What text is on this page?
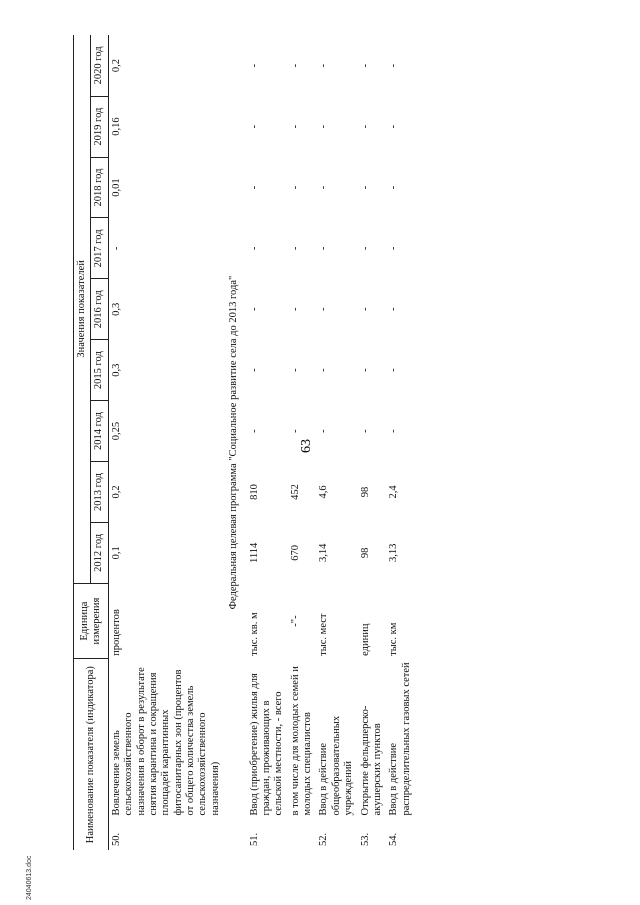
63
Наименование показателя (индикатора)		Единица измерения	Значения показателей								
			2012 год	2013 год	2014 год	2015 год	2016 год	2017 год	2018 год	2019 год	2020 год
50.	Вовлечение земель сельскохозяйственного назначения в оборот в результате снятия карантина и сокращения площадей карантинных фитосанитарных зон (процентов от общего количества земель сельскохозяйственного назначения)	процентов	0,1	0,2	0,25	0,3	0,3	-	0,01	0,16	0,2
Федеральная целевая программа "Социальное развитие села до 2013 года"											
51.	Ввод (приобретение) жилья для граждан, проживающих в сельской местности, - всего	тыс. кв. м	1114	810	-	-	-	-	-	-	-
	в том числе для молодых семей и молодых специалистов	-"-	670	452	-	-	-	-	-	-	-
52.	Ввод в действие общеобразовательных учреждений	тыс. мест	3,14	4,6	-	-	-	-	-	-	-
53.	Открытие фельдшерско-акушерских пунктов	единиц	98	98	-	-	-	-	-	-	-
54.	Ввод в действие распределительных газовых сетей	тыс. км	3,13	2,4	-	-	-	-	-	-	-
24040613.doc
